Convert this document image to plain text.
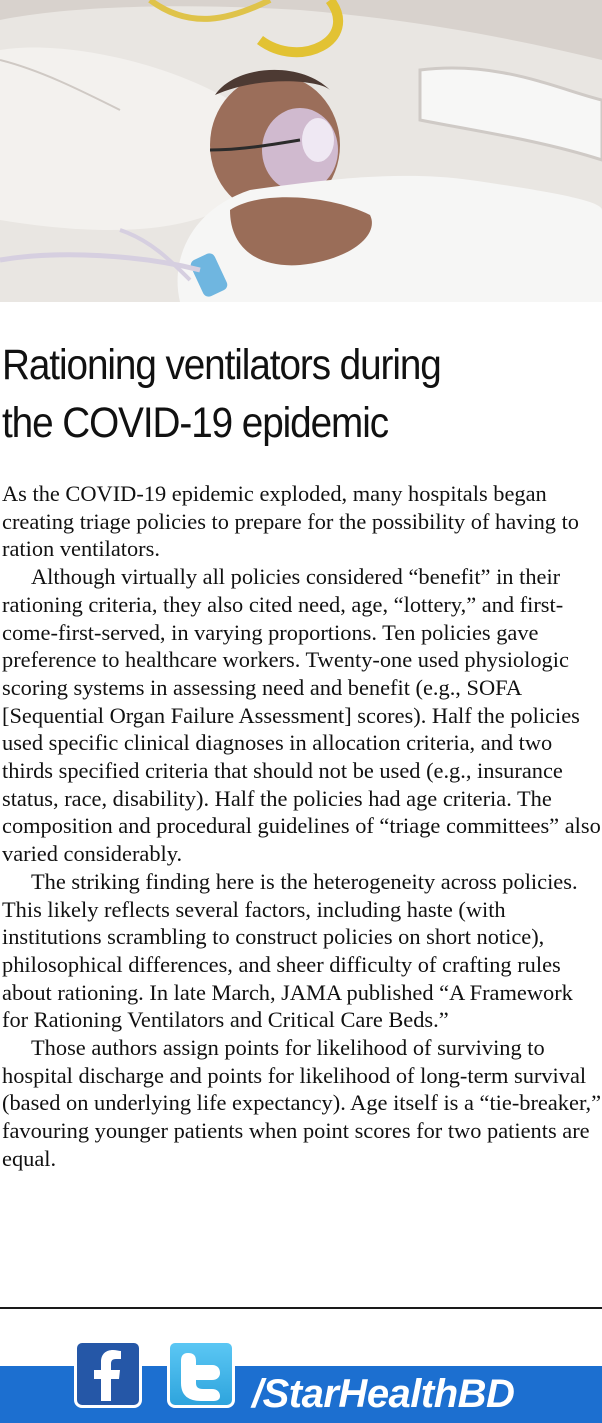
Rationing ventilators during
the COVID-19 epidemic

As the COVID-19 epidemic exploded, many hospitals began creating triage policies to prepare for the possibility of having to ration ventilators.

Although virtually all policies considered “benefit” in their rationing criteria, they also cited need, age, “lottery,” and first-come-first-served, in varying proportions. Ten policies gave preference to healthcare workers. Twenty-one used physiologic scoring systems in assessing need and benefit (e.g., SOFA [Sequential Organ Failure Assessment] scores). Half the policies used specific clinical diagnoses in allocation criteria, and two thirds specified criteria that should not be used (e.g., insurance status, race, disability). Half the policies had age criteria. The composition and procedural guidelines of “triage committees” also varied considerably.

The striking finding here is the heterogeneity across policies. This likely reflects several factors, including haste (with institutions scrambling to construct policies on short notice), philosophical differences, and sheer difficulty of crafting rules about rationing. In late March, JAMA published “A Framework for Rationing Ventilators and Critical Care Beds.”

Those authors assign points for likelihood of surviving to hospital discharge and points for likelihood of long-term survival (based on underlying life expectancy). Age itself is a “tie-breaker,” favouring younger patients when point scores for two patients are equal.

/StarHealthBD
